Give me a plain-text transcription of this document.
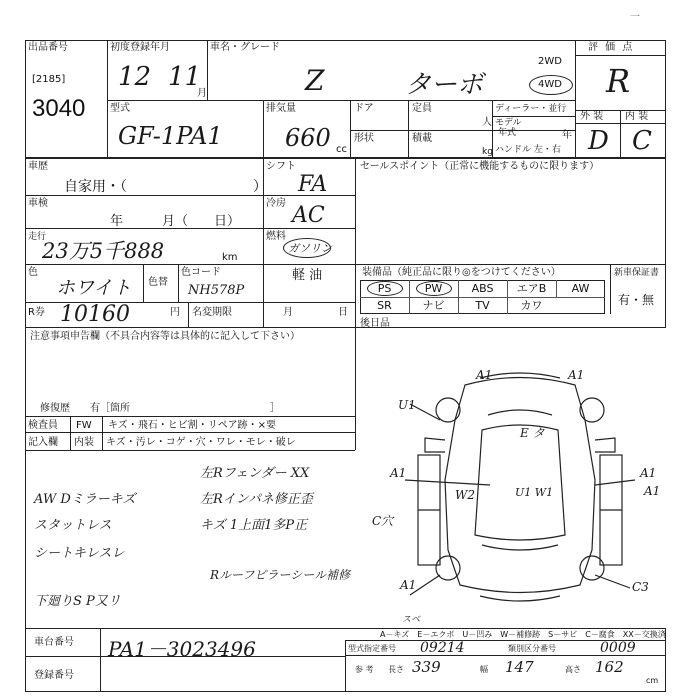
出品番号
[2185]
3040
初度登録年月
12 11
月
車名・グレード
Z	ターボ
2WD
4WD
評 価 点
R
外 装 内 装
D C
型式
GF-1PA1
排気量
660 cc
ドア	定員
人
ディーラー・並行
モデル
年式	年
形状	積載
kg ハンドル 左・右
一
車歴
自家用・（　　　　　　　　　）
シフト
FA
車検
年　　　月（　　日）
冷房 AC
走行
23万5千888	km
燃料
ガソリン
軽 油
色
ホワイト 色替
色コード
NH578P
R券 10160	円 名変期限	月	日
セールスポイント（正常に機能するものに限ります）
装備品（純正品に限り◎をつけてください）
PS	PW	ABS	エアB	AW
SR	ナビ	TV	カワ
新車保証書
有・無
後日品
注意事項申告欄（不具合内容等は具体的に記入して下さい）
修復歴　　有［箇所　　　　　　　　　　　　　　］
検査員
記入欄
FW キズ・飛石・ヒビ割・リペア跡・×要
内装 キズ・汚レ・コゲ・穴・ワレ・モレ・破レ
左Rフェンダー XX
AW Dミラーキズ	左Rインパネ修正歪
スタットレス	キズ 1上面1多P正	C穴
シートキレスレ
Rルーフピラーシール補修
下廻りS P又リ
A1	A1
U1
E タ
A1	A1
A1
W2	U1 W1
A1
スベ
C3
A－キズ　E－エクボ　U－凹み　W－補修跡　S－サビ　C－腐食　XX－交換済
車台番号 PA1－3023496
登録番号
型式指定番号 09214	類別区分番号	0009
参 考 長さ 339	幅 147	高さ 162
cm
